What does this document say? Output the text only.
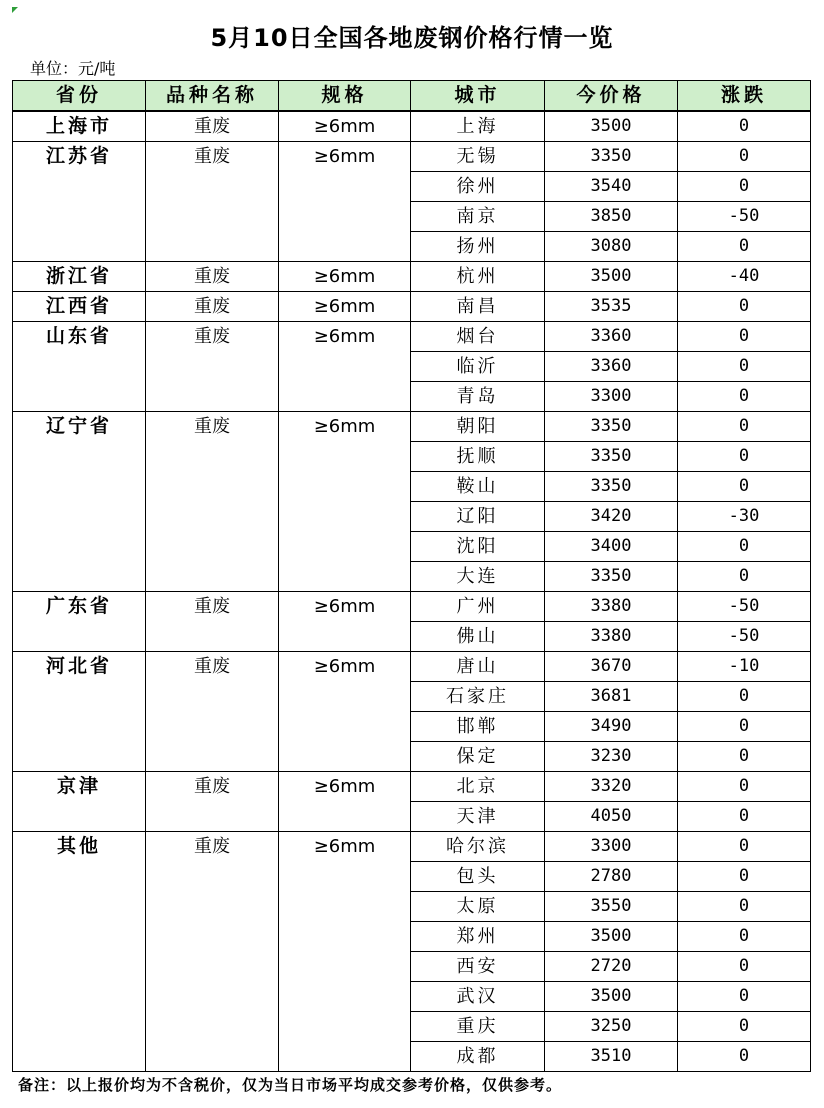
5月10日全国各地废钢价格行情一览
单位：元/吨
省份	品种名称	规格	城市	今价格	涨跌
上海市	重废	≥6mm	上海	3500	0
江苏省	重废	≥6mm	无锡	3350	0
			徐州	3540	0
			南京	3850	-50
			扬州	3080	0
浙江省	重废	≥6mm	杭州	3500	-40
江西省	重废	≥6mm	南昌	3535	0
山东省	重废	≥6mm	烟台	3360	0
			临沂	3360	0
			青岛	3300	0
辽宁省	重废	≥6mm	朝阳	3350	0
			抚顺	3350	0
			鞍山	3350	0
			辽阳	3420	-30
			沈阳	3400	0
			大连	3350	0
广东省	重废	≥6mm	广州	3380	-50
			佛山	3380	-50
河北省	重废	≥6mm	唐山	3670	-10
			石家庄	3681	0
			邯郸	3490	0
			保定	3230	0
京津	重废	≥6mm	北京	3320	0
			天津	4050	0
其他	重废	≥6mm	哈尔滨	3300	0
			包头	2780	0
			太原	3550	0
			郑州	3500	0
			西安	2720	0
			武汉	3500	0
			重庆	3250	0
			成都	3510	0
备注：以上报价均为不含税价，仅为当日市场平均成交参考价格，仅供参考。
